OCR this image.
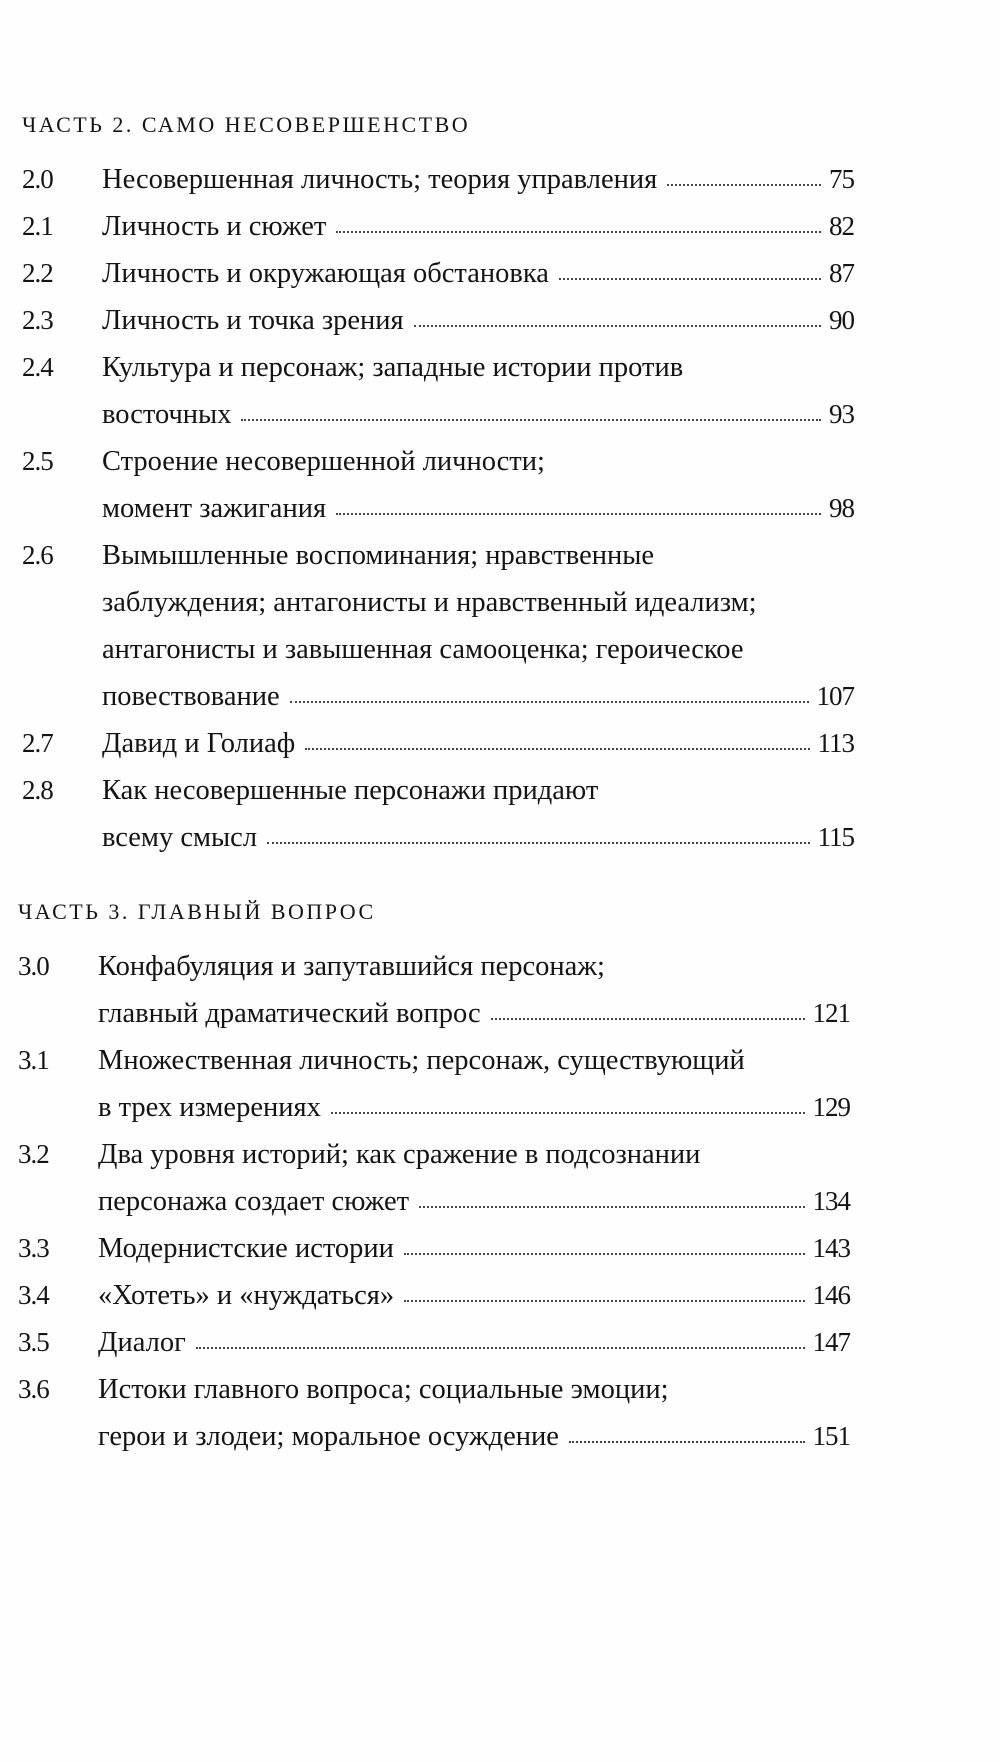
ЧАСТЬ 2. САМО НЕСОВЕРШЕНСТВО
2.0	Несовершенная личность; теория управления	75
2.1	Личность и сюжет	82
2.2	Личность и окружающая обстановка	87
2.3	Личность и точка зрения	90
2.4	Культура и персонаж; западные истории против
восточных	93
2.5	Строение несовершенной личности;
момент зажигания	98
2.6	Вымышленные воспоминания; нравственные
заблуждения; антагонисты и нравственный идеализм;
антагонисты и завышенная самооценка; героическое
повествование	107
2.7	Давид и Голиаф	113
2.8	Как несовершенные персонажи придают
всему смысл	115
ЧАСТЬ 3. ГЛАВНЫЙ ВОПРОС
3.0	Конфабуляция и запутавшийся персонаж;
главный драматический вопрос	121
3.1	Множественная личность; персонаж, существующий
в трех измерениях	129
3.2	Два уровня историй; как сражение в подсознании
персонажа создает сюжет	134
3.3	Модернистские истории	143
3.4	«Хотеть» и «нуждаться»	146
3.5	Диалог	147
3.6	Истоки главного вопроса; социальные эмоции;
герои и злодеи; моральное осуждение	151
